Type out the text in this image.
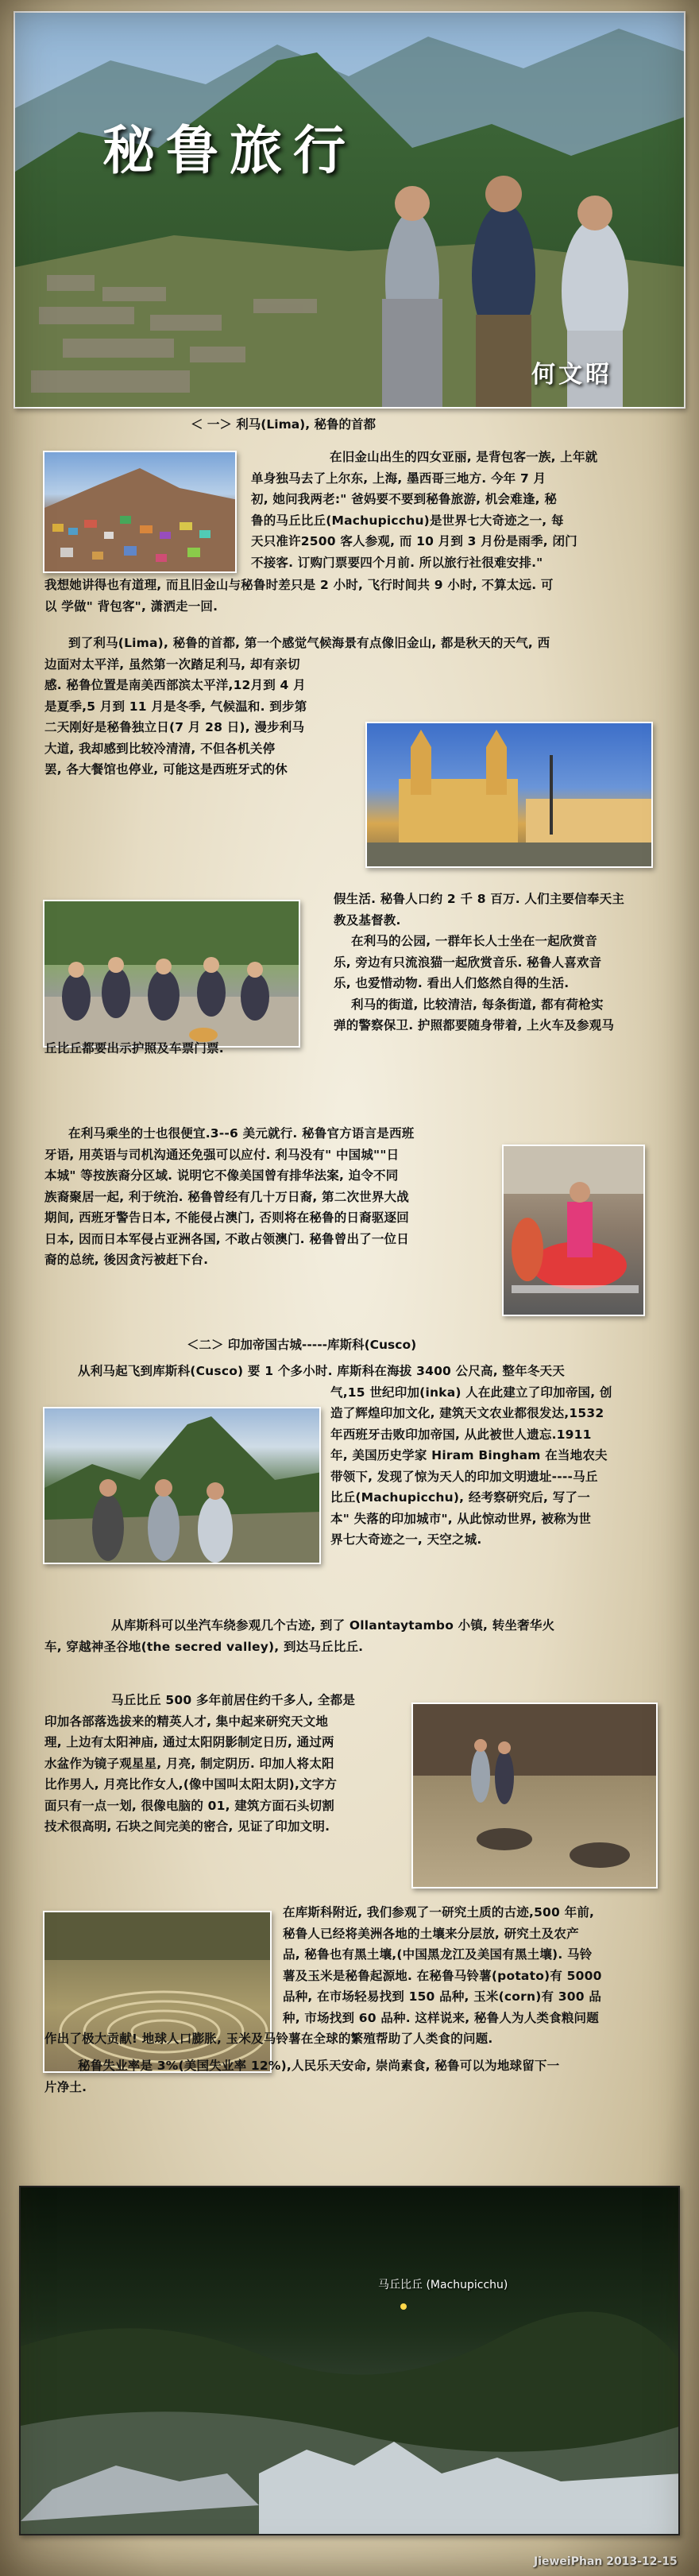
秘鲁旅行
何文昭
＜ 一＞ 利马(Lima), 秘鲁的首都
在旧金山出生的四女亚丽, 是背包客一族, 上年就
单身独马去了上尔东, 上海, 墨西哥三地方. 今年 7 月
初, 她问我两老:" 爸妈要不要到秘鲁旅游, 机会难逢, 秘
鲁的马丘比丘(Machupicchu)是世界七大奇迹之一, 每
天只准许2500 客人参观, 而 10 月到 3 月份是雨季, 闭门
不接客. 订购门票要四个月前. 所以旅行社很难安排."
我想她讲得也有道理, 而且旧金山与秘鲁时差只是 2 小时, 飞行时间共 9 小时, 不算太远. 可
以 学做" 背包客", 潇洒走一回.
到了利马(Lima), 秘鲁的首都, 第一个感觉气候海景有点像旧金山, 都是秋天的天气, 西
边面对太平洋, 虽然第一次踏足利马, 却有亲切
感. 秘鲁位置是南美西部滨太平洋,12月到 4 月
是夏季,5 月到 11 月是冬季, 气候温和. 到步第
二天刚好是秘鲁独立日(7 月 28 日), 漫步利马
大道, 我却感到比较冷清清, 不但各机关停
罢, 各大餐馆也停业, 可能这是西班牙式的休
假生活. 秘鲁人口约 2 千 8 百万. 人们主要信奉天主
教及基督教.
在利马的公园, 一群年长人士坐在一起欣赏音
乐, 旁边有只流浪猫一起欣赏音乐. 秘鲁人喜欢音
乐, 也爱惜动物. 看出人们悠然自得的生活.
利马的街道, 比较清洁, 每条街道, 都有荷枪实
弹的警察保卫. 护照都要随身带着, 上火车及参观马
丘比丘都要出示护照及车票门票.
在利马乘坐的士也很便宜.3--6 美元就行. 秘鲁官方语言是西班
牙语, 用英语与司机沟通还免强可以应付. 利马没有" 中国城""日
本城" 等按族裔分区域. 说明它不像美国曾有排华法案, 迫令不同
族裔聚居一起, 利于统治. 秘鲁曾经有几十万日裔, 第二次世界大战
期间, 西班牙警告日本, 不能侵占澳门, 否则将在秘鲁的日裔驱逐回
日本, 因而日本军侵占亚洲各国, 不敢占领澳门. 秘鲁曾出了一位日
裔的总统, 後因贪污被赶下台.
＜二＞ 印加帝国古城-----库斯科(Cusco)
从利马起飞到库斯科(Cusco) 要 1 个多小时. 库斯科在海拔 3400 公尺高, 整年冬天天
气,15 世纪印加(inka) 人在此建立了印加帝国, 创
造了辉煌印加文化, 建筑天文农业都很发达,1532
年西班牙击败印加帝国, 从此被世人遗忘.1911
年, 美国历史学家 Hiram Bingham 在当地农夫
带领下, 发现了惊为天人的印加文明遗址----马丘
比丘(Machupicchu), 经考察研究后, 写了一
本" 失落的印加城市", 从此惊动世界, 被称为世
界七大奇迹之一, 天空之城.
从库斯科可以坐汽车绕参观几个古迹, 到了 Ollantaytambo 小镇, 转坐奢华火
车, 穿越神圣谷地(the secred valley), 到达马丘比丘.
马丘比丘 500 多年前居住约千多人, 全都是
印加各部落选拔来的精英人才, 集中起来研究天文地
理, 上边有太阳神庙, 通过太阳阴影制定日历, 通过两
水盆作为镜子观星星, 月亮, 制定阴历. 印加人将太阳
比作男人, 月亮比作女人,(像中国叫太阳太阴),文字方
面只有一点一划, 很像电脑的 01, 建筑方面石头切割
技术很高明, 石块之间完美的密合, 见证了印加文明.
在库斯科附近, 我们参观了一研究土质的古迹,500 年前,
秘鲁人已经将美洲各地的土壤来分层放, 研究土及农产
品, 秘鲁也有黑土壤,(中国黑龙江及美国有黑土壤). 马铃
薯及玉米是秘鲁起源地. 在秘鲁马铃薯(potato)有 5000
品种, 在市场轻易找到 150 品种, 玉米(corn)有 300 品
种, 市场找到 60 品种. 这样说来, 秘鲁人为人类食粮问题
作出了极大贡献! 地球人口膨胀, 玉米及马铃薯在全球的繁殖帮助了人类食的问题.
秘鲁失业率是 3%(美国失业率 12%),人民乐天安命, 崇尚素食, 秘鲁可以为地球留下一
片净土.
马丘比丘 (Machupicchu)
JieweiPhan 2013-12-15
